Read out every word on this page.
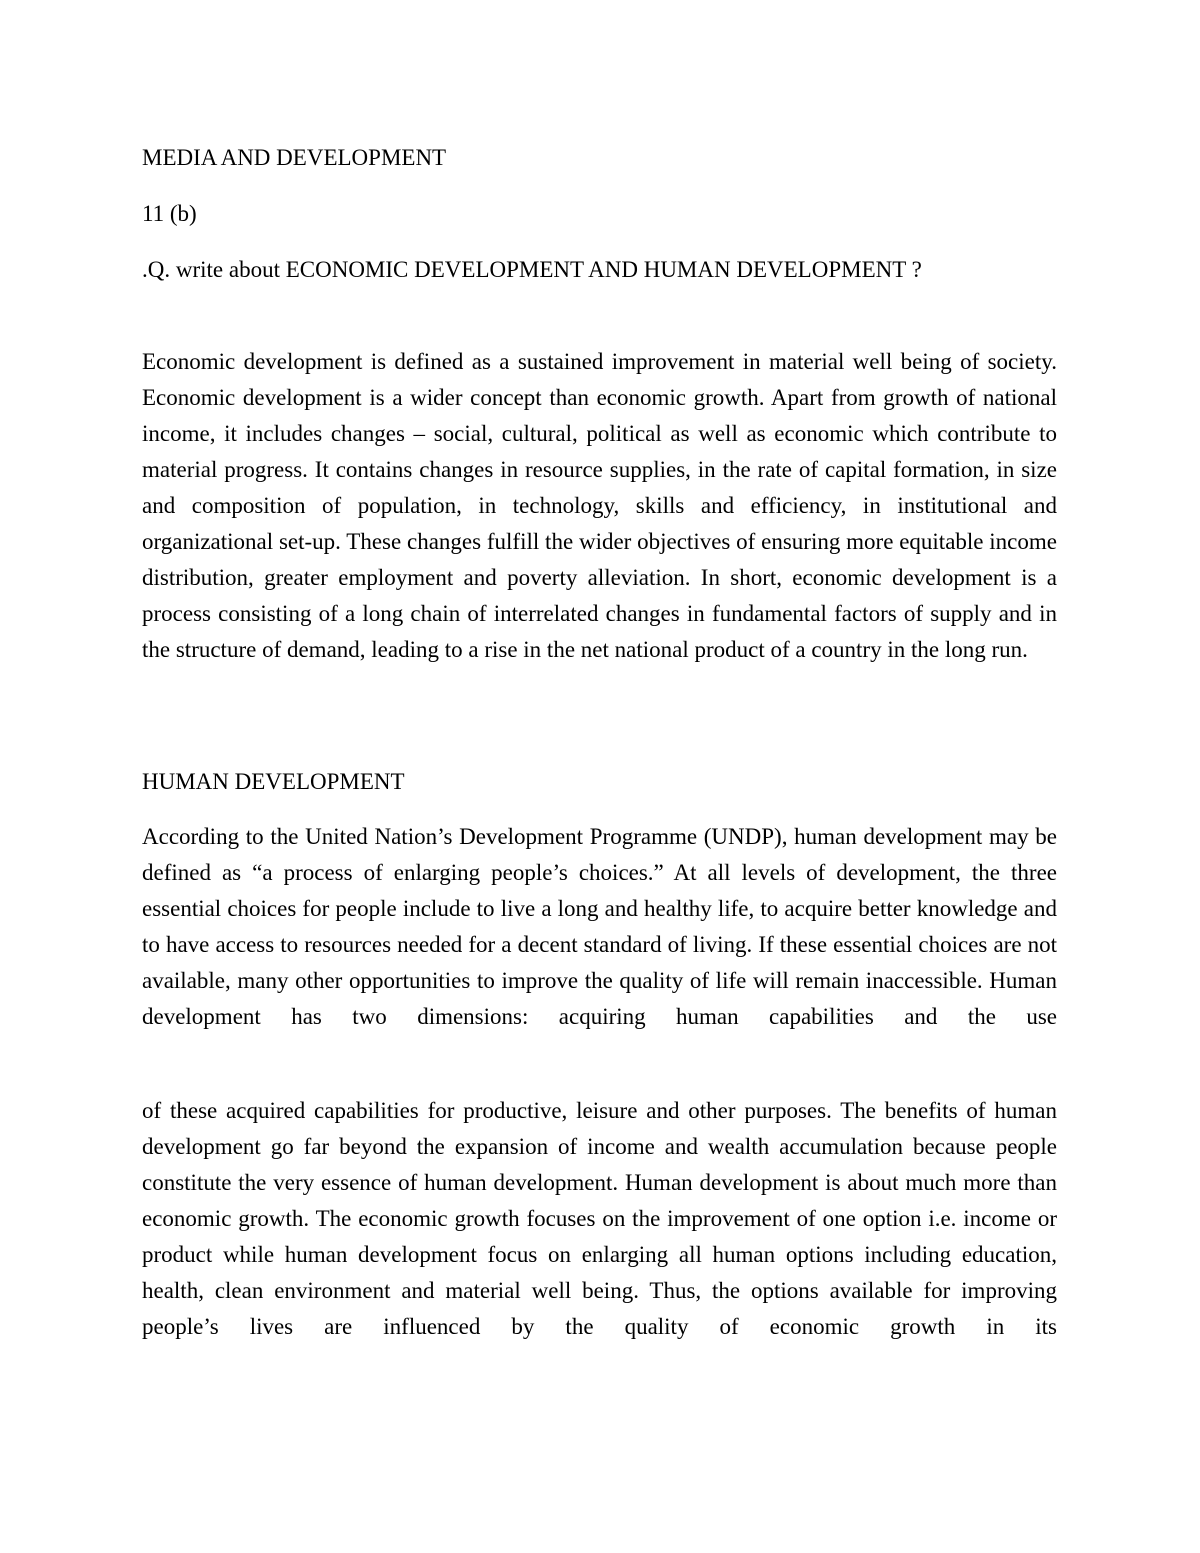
MEDIA AND DEVELOPMENT

11 (b)

.Q. write about ECONOMIC DEVELOPMENT AND HUMAN DEVELOPMENT ?

Economic development is defined as a sustained improvement in material well being of society. Economic development is a wider concept than economic growth. Apart from growth of national income, it includes changes – social, cultural, political as well as economic which contribute to material progress. It contains changes in resource supplies, in the rate of capital formation, in size and composition of population, in technology, skills and efficiency, in institutional and organizational set-up. These changes fulfill the wider objectives of ensuring more equitable income distribution, greater employment and poverty alleviation. In short, economic development is a process consisting of a long chain of interrelated changes in fundamental factors of supply and in the structure of demand, leading to a rise in the net national product of a country in the long run.

HUMAN DEVELOPMENT

According to the United Nation’s Development Programme (UNDP), human development may be defined as “a process of enlarging people’s choices.” At all levels of development, the three essential choices for people include to live a long and healthy life, to acquire better knowledge and to have access to resources needed for a decent standard of living. If these essential choices are not available, many other opportunities to improve the quality of life will remain inaccessible. Human development has two dimensions: acquiring human capabilities and the use

of these acquired capabilities for productive, leisure and other purposes. The benefits of human development go far beyond the expansion of income and wealth accumulation because people constitute the very essence of human development. Human development is about much more than economic growth. The economic growth focuses on the improvement of one option i.e. income or product while human development focus on enlarging all human options including education, health, clean environment and material well being. Thus, the options available for improving people’s lives are influenced by the quality of economic growth in its
